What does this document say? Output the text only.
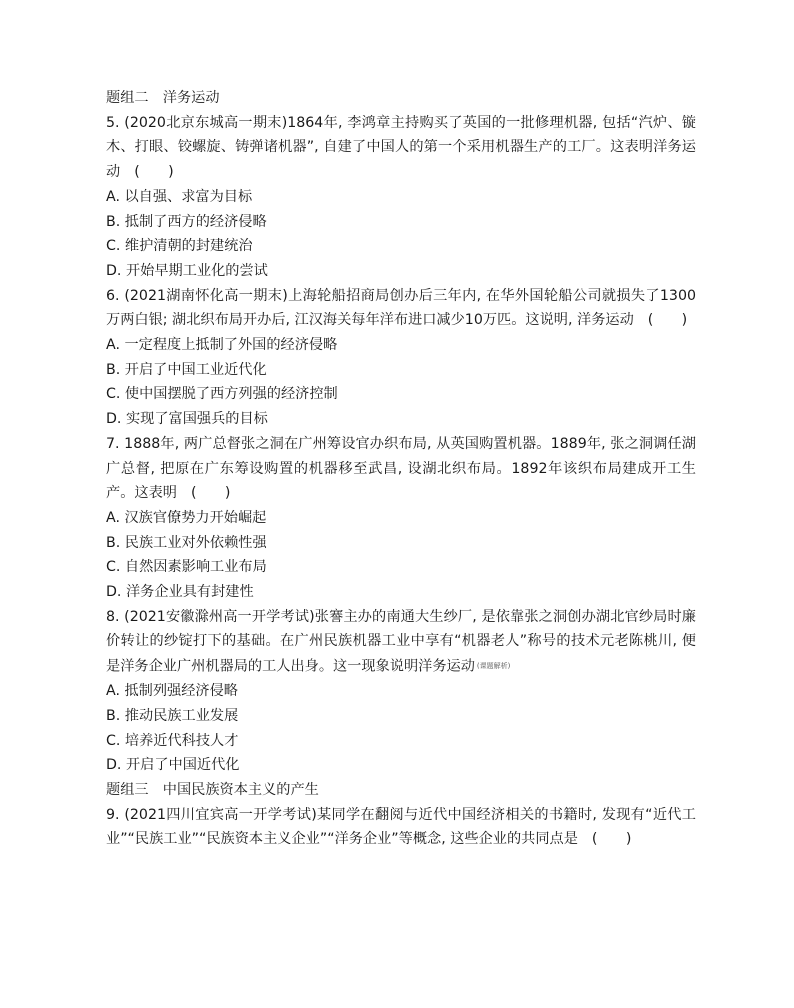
题组二　洋务运动
5. (2020北京东城高一期末)1864年, 李鸿章主持购买了英国的一批修理机器, 包括“汽炉、镟木、打眼、铰螺旋、铸弹诸机器”, 自建了中国人的第一个采用机器生产的工厂。这表明洋务运动 (　　)
A. 以自强、求富为目标
B. 抵制了西方的经济侵略
C. 维护清朝的封建统治
D. 开始早期工业化的尝试
6. (2021湖南怀化高一期末)上海轮船招商局创办后三年内, 在华外国轮船公司就损失了1300万两白银; 湖北织布局开办后, 江汉海关每年洋布进口减少10万匹。这说明, 洋务运动 (　　)
A. 一定程度上抵制了外国的经济侵略
B. 开启了中国工业近代化
C. 使中国摆脱了西方列强的经济控制
D. 实现了富国强兵的目标
7. 1888年, 两广总督张之洞在广州筹设官办织布局, 从英国购置机器。1889年, 张之洞调任湖广总督, 把原在广东筹设购置的机器移至武昌, 设湖北织布局。1892年该织布局建成开工生产。这表明 (　　)
A. 汉族官僚势力开始崛起
B. 民族工业对外依赖性强
C. 自然因素影响工业布局
D. 洋务企业具有封建性
8. (2021安徽滁州高一开学考试)张謇主办的南通大生纱厂, 是依靠张之洞创办湖北官纱局时廉价转让的纱锭打下的基础。在广州民族机器工业中享有“机器老人”称号的技术元老陈桃川, 便是洋务企业广州机器局的工人出身。这一现象说明洋务运动 (课题解析)
A. 抵制列强经济侵略
B. 推动民族工业发展
C. 培养近代科技人才
D. 开启了中国近代化
题组三　中国民族资本主义的产生
9. (2021四川宜宾高一开学考试)某同学在翻阅与近代中国经济相关的书籍时, 发现有“近代工业”“民族工业”“民族资本主义企业”“洋务企业”等概念, 这些企业的共同点是 (　　)
